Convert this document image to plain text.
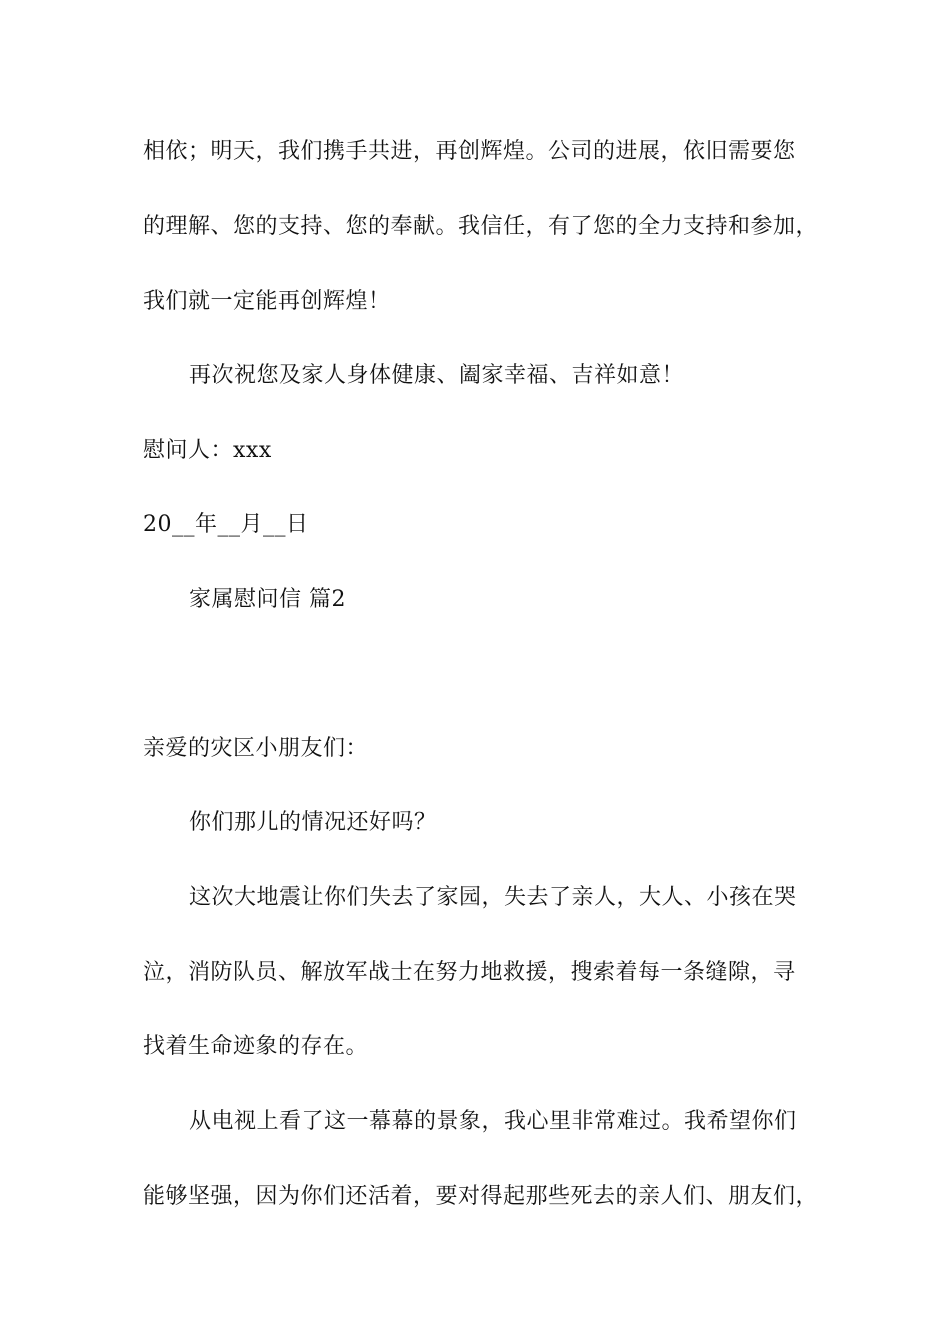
相依；明天，我们携手共进，再创辉煌。公司的进展，依旧需要您
的理解、您的支持、您的奉献。我信任，有了您的全力支持和参加，
我们就一定能再创辉煌！
再次祝您及家人身体健康、阖家幸福、吉祥如意！
慰问人：xxx
20__年__月__日
家属慰问信 篇2
亲爱的灾区小朋友们：
你们那儿的情况还好吗？
这次大地震让你们失去了家园，失去了亲人，大人、小孩在哭
泣，消防队员、解放军战士在努力地救援，搜索着每一条缝隙，寻
找着生命迹象的存在。
从电视上看了这一幕幕的景象，我心里非常难过。我希望你们
能够坚强，因为你们还活着，要对得起那些死去的亲人们、朋友们，
